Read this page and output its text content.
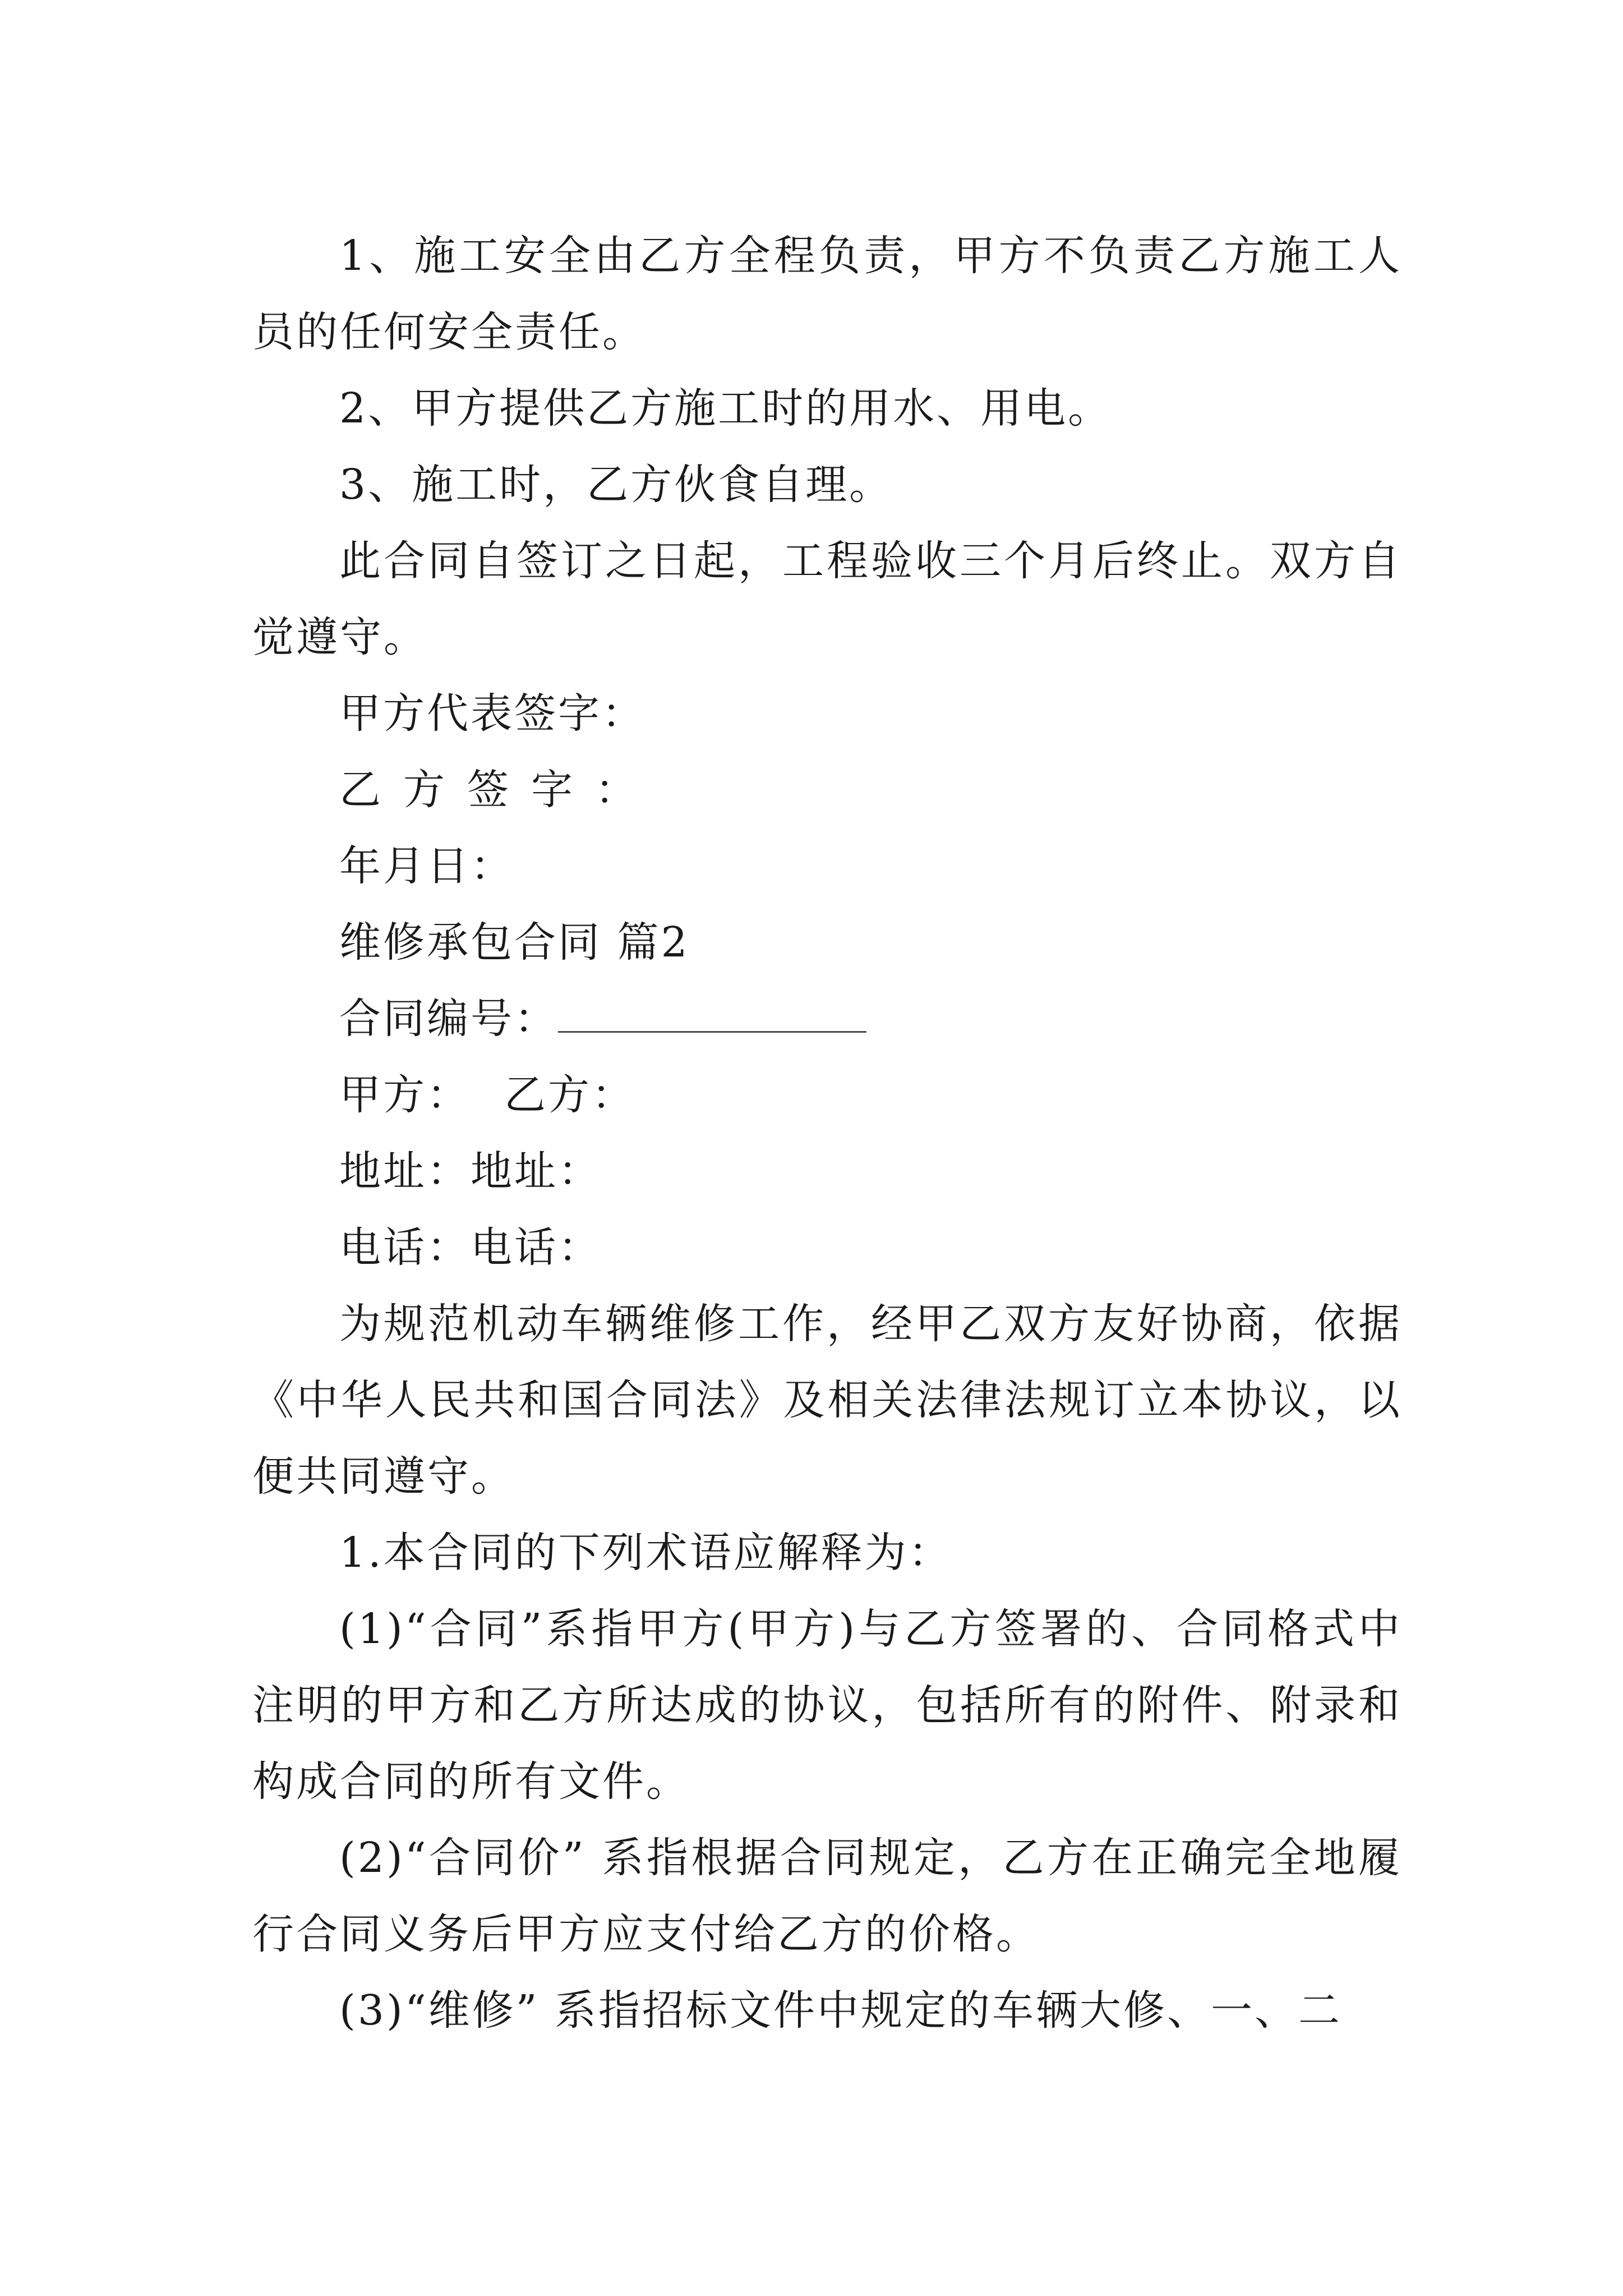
1、施工安全由乙方全程负责，甲方不负责乙方施工人员的任何安全责任。

2、甲方提供乙方施工时的用水、用电。

3、施工时，乙方伙食自理。

此合同自签订之日起，工程验收三个月后终止。双方自觉遵守。

甲方代表签字：

乙方签字：

年月日：

维修承包合同 篇2

合同编号：

甲方： 乙方：

地址：地址：

电话：电话：

为规范机动车辆维修工作，经甲乙双方友好协商，依据《中华人民共和国合同法》及相关法律法规订立本协议，以便共同遵守。

1.本合同的下列术语应解释为：

(1)“合同”系指甲方(甲方)与乙方签署的、合同格式中注明的甲方和乙方所达成的协议，包括所有的附件、附录和构成合同的所有文件。

(2)“合同价” 系指根据合同规定，乙方在正确完全地履行合同义务后甲方应支付给乙方的价格。

(3)“维修” 系指招标文件中规定的车辆大修、一、二
